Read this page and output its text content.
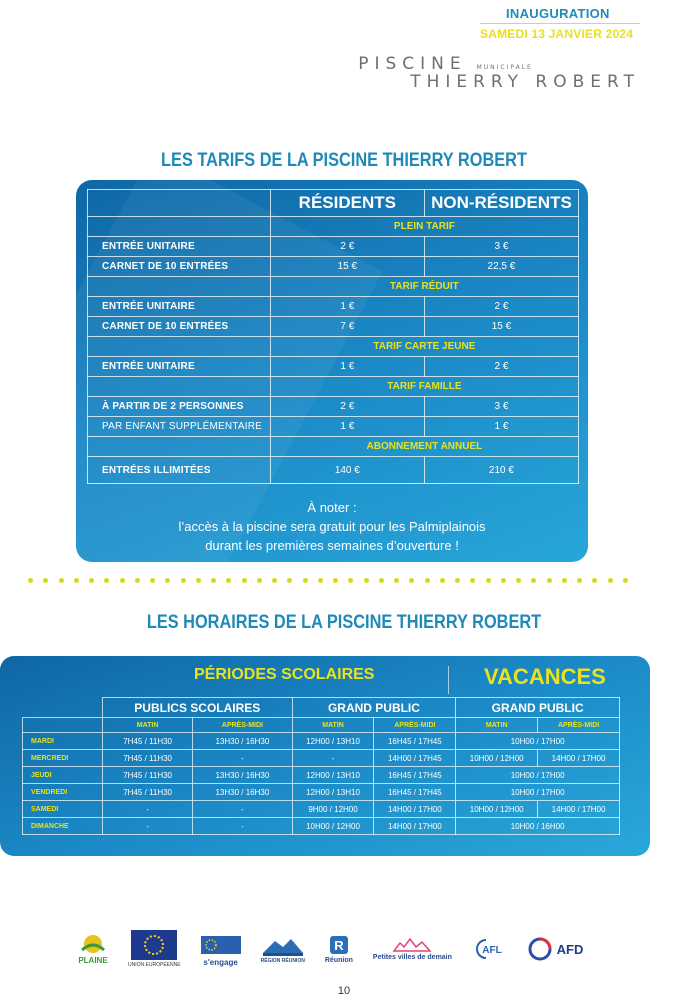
INAUGURATION
SAMEDI 13 JANVIER 2024
PISCINE MUNICIPALE
THIERRY ROBERT
LES TARIFS DE LA PISCINE THIERRY ROBERT
	RÉSIDENTS	NON-RÉSIDENTS
	PLEIN TARIF	
ENTRÉE UNITAIRE	2 €	3 €
CARNET DE 10 ENTRÉES	15 €	22,5 €
	TARIF RÉDUIT	
ENTRÉE UNITAIRE	1 €	2 €
CARNET DE 10 ENTRÉES	7 €	15 €
	TARIF CARTE JEUNE	
ENTRÉE UNITAIRE	1 €	2 €
	TARIF FAMILLE	
À PARTIR DE 2 PERSONNES	2 €	3 €
PAR ENFANT SUPPLÉMENTAIRE	1 €	1 €
	ABONNEMENT ANNUEL	
ENTRÉES ILLIMITÉES	140 €	210 €
À noter :
l’accès à la piscine sera gratuit pour les Palmiplainois
durant les premières semaines d’ouverture !
LES HORAIRES DE LA PISCINE THIERRY ROBERT
PÉRIODES SCOLAIRES	VACANCES
	PUBLICS SCOLAIRES		GRAND PUBLIC		GRAND PUBLIC	
	MATIN	APRÈS-MIDI	MATIN	APRÈS-MIDI	MATIN	APRÈS-MIDI
MARDI	7H45 / 11H30	13H30 / 16H30	12H00 / 13H10	16H45 / 17H45	10H00 / 17H00	
MERCREDI	7H45 / 11H30	-	-	14H00 / 17H45	10H00 / 12H00	14H00 / 17H00
JEUDI	7H45 / 11H30	13H30 / 16H30	12H00 / 13H10	16H45 / 17H45	10H00 / 17H00	
VENDREDI	7H45 / 11H30	13H30 / 16H30	12H00 / 13H10	16H45 / 17H45	10H00 / 17H00	
SAMEDI	-	-	9H00 / 12H00	14H00 / 17H00	10H00 / 12H00	14H00 / 17H00
DIMANCHE	-	-	10H00 / 12H00	14H00 / 17H00	10H00 / 16H00	
PLAINE
UNION EUROPÉENNE	s'engage	RÉGION RÉUNION
R
Réunion	Petites villes de demain
AFL	AFD
10
